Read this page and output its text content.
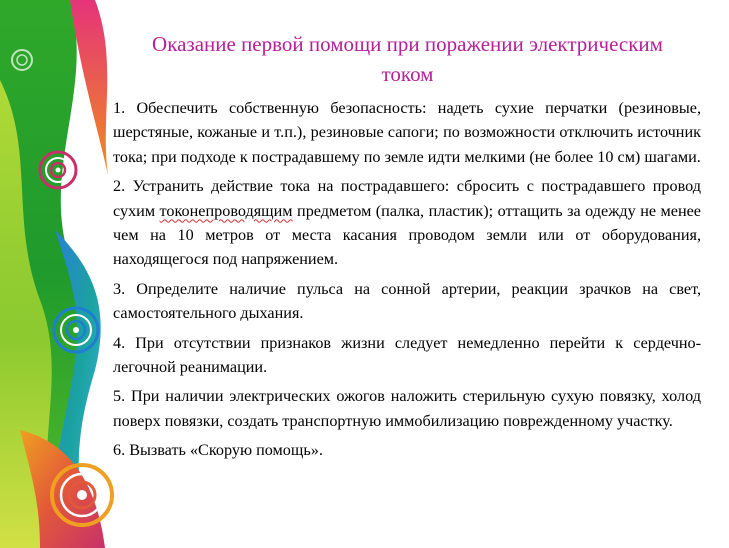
Оказание первой помощи при поражении электрическим током

1. Обеспечить собственную безопасность: надеть сухие перчатки (резиновые, шерстяные, кожаные и т.п.), резиновые сапоги; по возможности отключить источник тока; при подходе к пострадавшему по земле идти мелкими (не более 10 см) шагами.

2. Устранить действие тока на пострадавшего: сбросить с пострадавшего провод сухим токонепроводящим предметом (палка, пластик); оттащить за одежду не менее чем на 10 метров от места касания проводом земли или от оборудования, находящегося под напряжением.

3. Определите наличие пульса на сонной артерии, реакции зрачков на свет, самостоятельного дыхания.

4. При отсутствии признаков жизни следует немедленно перейти к сердечно-легочной реанимации.

5. При наличии электрических ожогов наложить стерильную сухую повязку, холод поверх повязки, создать транспортную иммобилизацию поврежденному участку.

6. Вызвать «Скорую помощь».
